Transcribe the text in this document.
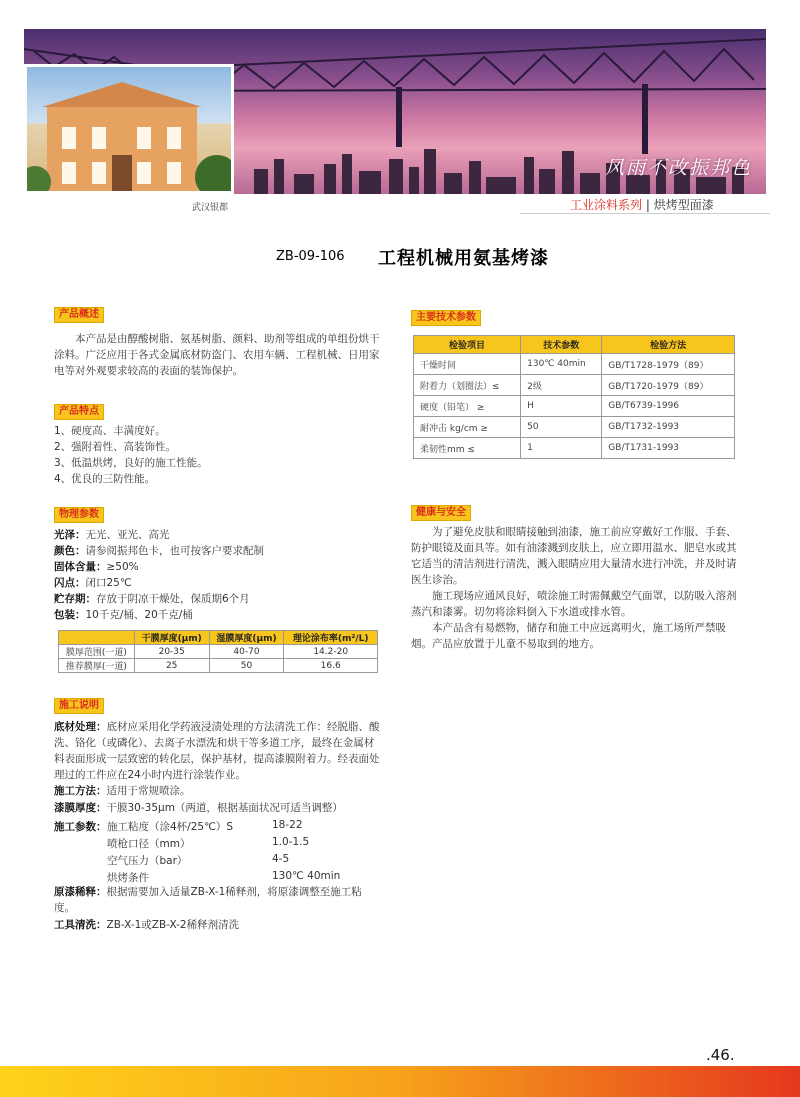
风雨不改振邦色
武汉银都	工业涂料系列 | 烘烤型面漆
ZB-09-106 工程机械用氨基烤漆
产品概述
本产品是由醇酸树脂、氨基树脂、颜料、助剂等组成的单组份烘干涂料。广泛应用于各式金属底材防盗门、农用车辆、工程机械、日用家电等对外观要求较高的表面的装饰保护。
产品特点

1、硬度高、丰满度好。

2、强附着性、高装饰性。

3、低温烘烤，良好的施工性能。

4、优良的三防性能。

物理参数

光泽：无光、亚光、高光

颜色：请参阅振邦色卡，也可按客户要求配制

固体含量：≥50%

闪点：闭口25℃

贮存期：存放于阴凉干燥处，保质期6个月

包装：10千克/桶、20千克/桶

	干膜厚度(μm)	湿膜厚度(μm)	理论涂布率(m²/L)
膜厚范围(一道)	20-35	40-70	14.2-20
推荐膜厚(一道)	25	50	16.6
施工说明
底材处理：底材应采用化学药液浸渍处理的方法清洗工作：经脱脂、酸洗、铬化（或磷化）、去离子水漂洗和烘干等多道工序，最终在金属材料表面形成一层致密的转化层，保护基材，提高漆膜附着力。经表面处理过的工件应在24小时内进行涂装作业。
施工方法：适用于常规喷涂。
漆膜厚度：干膜30-35μm（两道，根据基面状况可适当调整）
施工参数： 施工粘度（涂4杯/25℃）S	18-22
喷枪口径（mm）	1.0-1.5
空气压力（bar）	4-5
烘烤条件	130℃ 40min
原漆稀释：根据需要加入适量ZB-X-1稀释剂，将原漆调整至施工粘度。
工具清洗：ZB-X-1或ZB-X-2稀释剂清洗
主要技术参数
检验项目	技术参数	检验方法
干燥时间	130℃ 40min	GB/T1728-1979（89）
附着力（划圈法）≤	2级	GB/T1720-1979（89）
硬度（铅笔） ≥	H	GB/T6739-1996
耐冲击 kg/cm ≥	50	GB/T1732-1993
柔韧性mm ≤	1	GB/T1731-1993
健康与安全

为了避免皮肤和眼睛接触到油漆，施工前应穿戴好工作服、手套、防护眼镜及面具等。如有油漆溅到皮肤上，应立即用温水、肥皂水或其它适当的清洁剂进行清洗，溅入眼睛应用大量清水进行冲洗，并及时请医生诊治。

施工现场应通风良好，喷涂施工时需佩戴空气面罩，以防吸入溶剂蒸汽和漆雾。切勿将涂料倒入下水道或排水管。

本产品含有易燃物，储存和施工中应远离明火，施工场所严禁吸烟。产品应放置于儿童不易取到的地方。

.46.
